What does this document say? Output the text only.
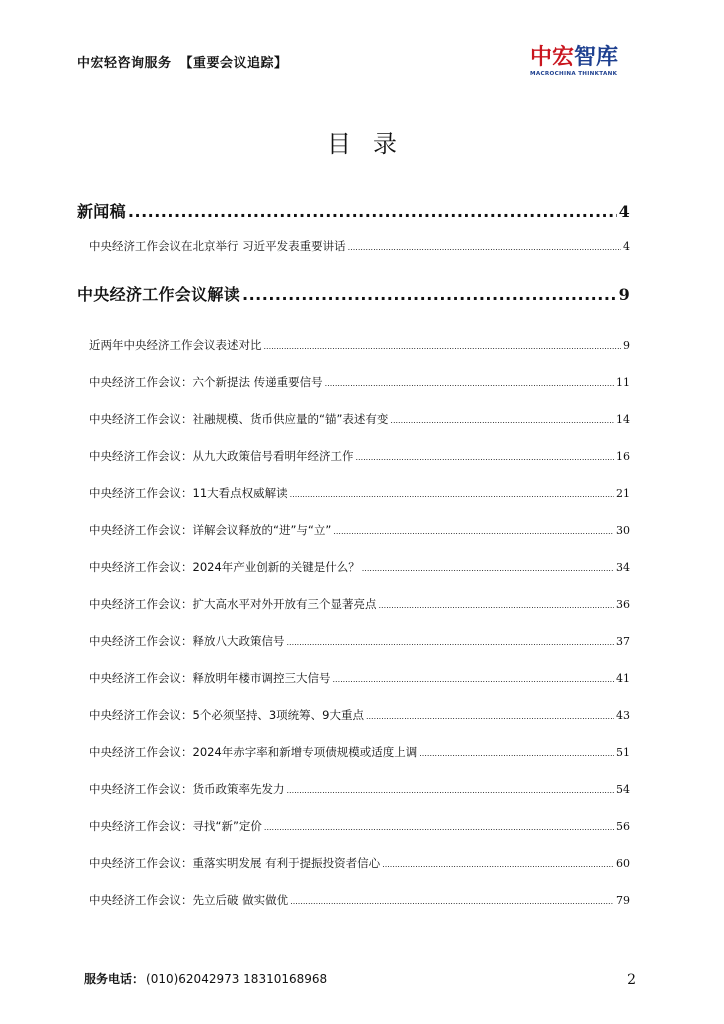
中宏轻咨询服务 【重要会议追踪】	中宏智库
MACROCHINA THINKTANK
目录
新闻稿 .....	4
中央经济工作会议在北京举行 习近平发表重要讲话 .....	4
中央经济工作会议解读 .....	9
近两年中央经济工作会议表述对比 .....	9
中央经济工作会议：六个新提法 传递重要信号 .....	11
中央经济工作会议：社融规模、货币供应量的“锚”表述有变 .....	14
中央经济工作会议：从九大政策信号看明年经济工作 .....	16
中央经济工作会议：11大看点权威解读 .....	21
中央经济工作会议：详解会议释放的“进”与“立” .....	30
中央经济工作会议：2024年产业创新的关键是什么？ .....	34
中央经济工作会议：扩大高水平对外开放有三个显著亮点 .....	36
中央经济工作会议：释放八大政策信号 .....	37
中央经济工作会议：释放明年楼市调控三大信号 .....	41
中央经济工作会议：5个必须坚持、3项统筹、9大重点 .....	43
中央经济工作会议：2024年赤字率和新增专项债规模或适度上调 .....	51
中央经济工作会议：货币政策率先发力 .....	54
中央经济工作会议：寻找“新”定价 .....	56
中央经济工作会议：重落实明发展 有利于提振投资者信心 .....	60
中央经济工作会议：先立后破 做实做优 .....	79
服务电话： (010)62042973 18310168968	2
